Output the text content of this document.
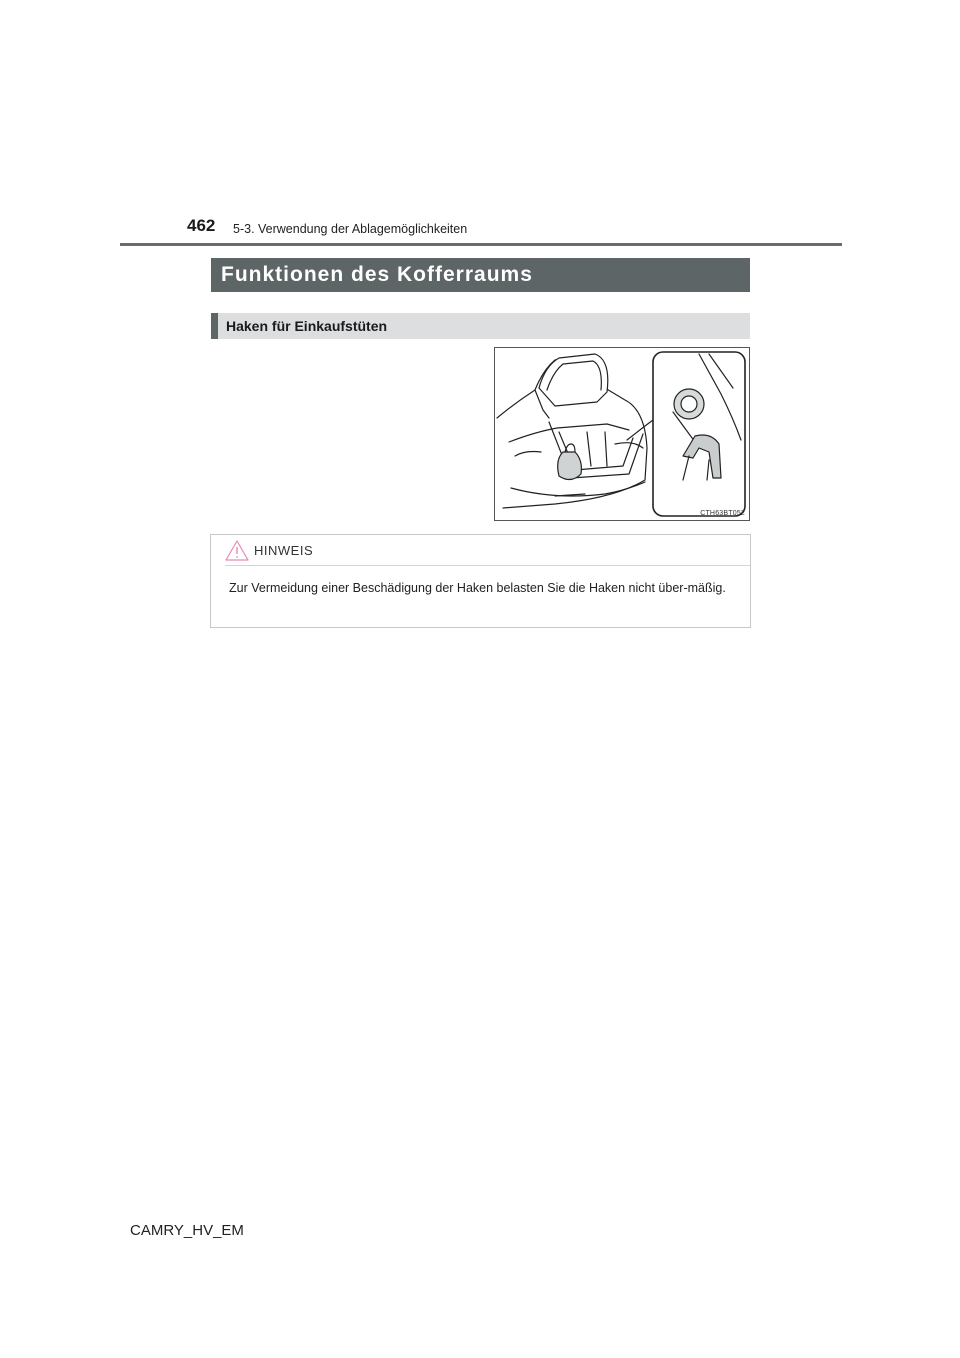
462 5-3. Verwendung der Ablagemöglichkeiten
Funktionen des Kofferraums
Haken für Einkaufstüten
CTH63BT052
HINWEIS
Zur Vermeidung einer Beschädigung der Haken belasten Sie die Haken nicht über-mäßig.
CAMRY_HV_EM
